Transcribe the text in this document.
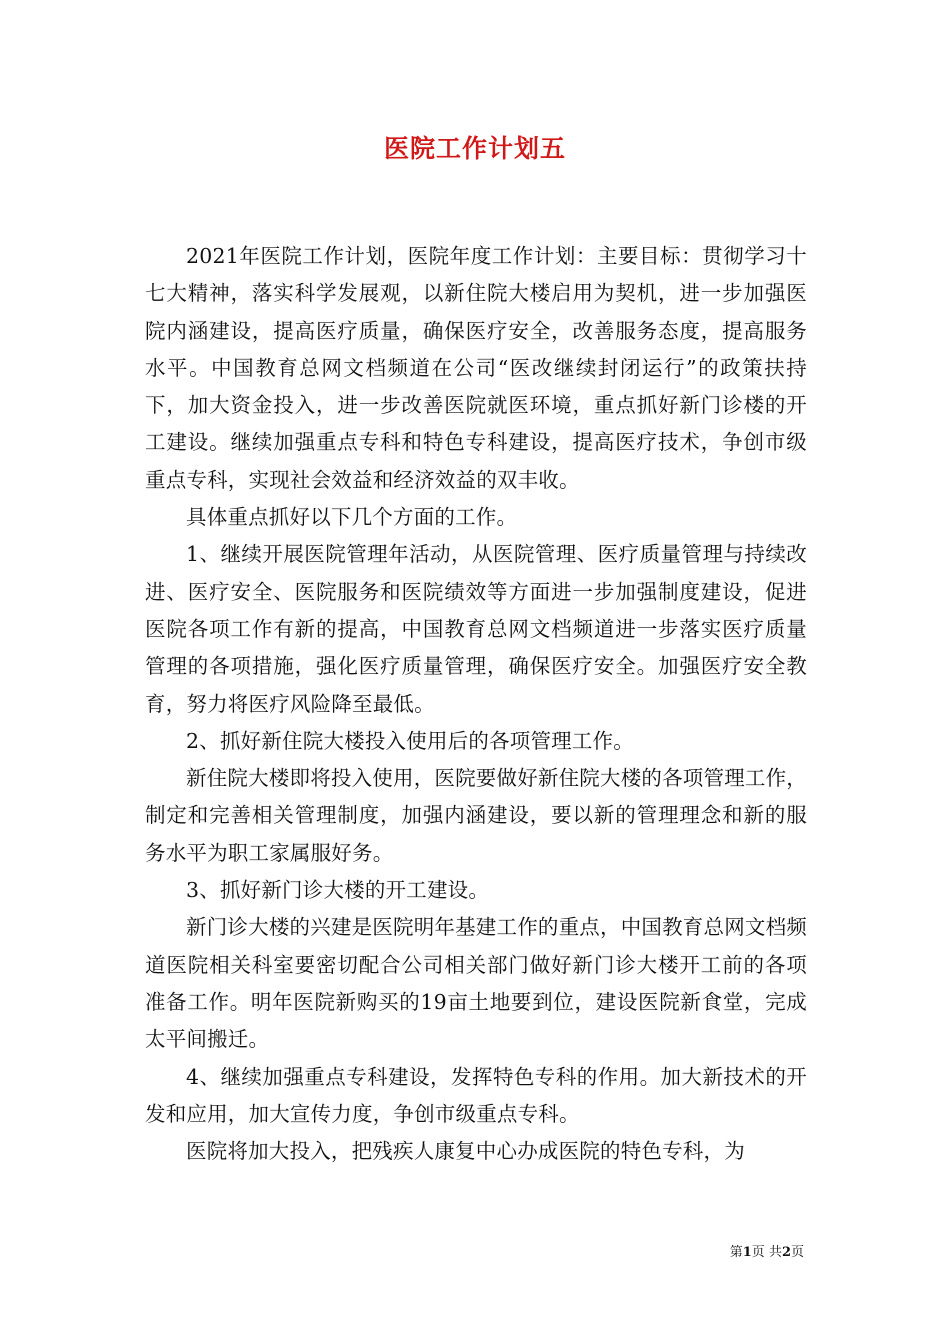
医院工作计划五

2021年医院工作计划，医院年度工作计划：主要目标：贯彻学习十七大精神，落实科学发展观，以新住院大楼启用为契机，进一步加强医院内涵建设，提高医疗质量，确保医疗安全，改善服务态度，提高服务水平。中国教育总网文档频道在公司“医改继续封闭运行”的政策扶持下，加大资金投入，进一步改善医院就医环境，重点抓好新门诊楼的开工建设。继续加强重点专科和特色专科建设，提高医疗技术，争创市级重点专科，实现社会效益和经济效益的双丰收。

具体重点抓好以下几个方面的工作。

1、继续开展医院管理年活动，从医院管理、医疗质量管理与持续改进、医疗安全、医院服务和医院绩效等方面进一步加强制度建设，促进医院各项工作有新的提高，中国教育总网文档频道进一步落实医疗质量管理的各项措施，强化医疗质量管理，确保医疗安全。加强医疗安全教育，努力将医疗风险降至最低。

2、抓好新住院大楼投入使用后的各项管理工作。

新住院大楼即将投入使用，医院要做好新住院大楼的各项管理工作，制定和完善相关管理制度，加强内涵建设，要以新的管理理念和新的服务水平为职工家属服好务。

3、抓好新门诊大楼的开工建设。

新门诊大楼的兴建是医院明年基建工作的重点，中国教育总网文档频道医院相关科室要密切配合公司相关部门做好新门诊大楼开工前的各项准备工作。明年医院新购买的19亩土地要到位，建设医院新食堂，完成太平间搬迁。

4、继续加强重点专科建设，发挥特色专科的作用。加大新技术的开发和应用，加大宣传力度，争创市级重点专科。

医院将加大投入，把残疾人康复中心办成医院的特色专科，为

第1页 共2页
